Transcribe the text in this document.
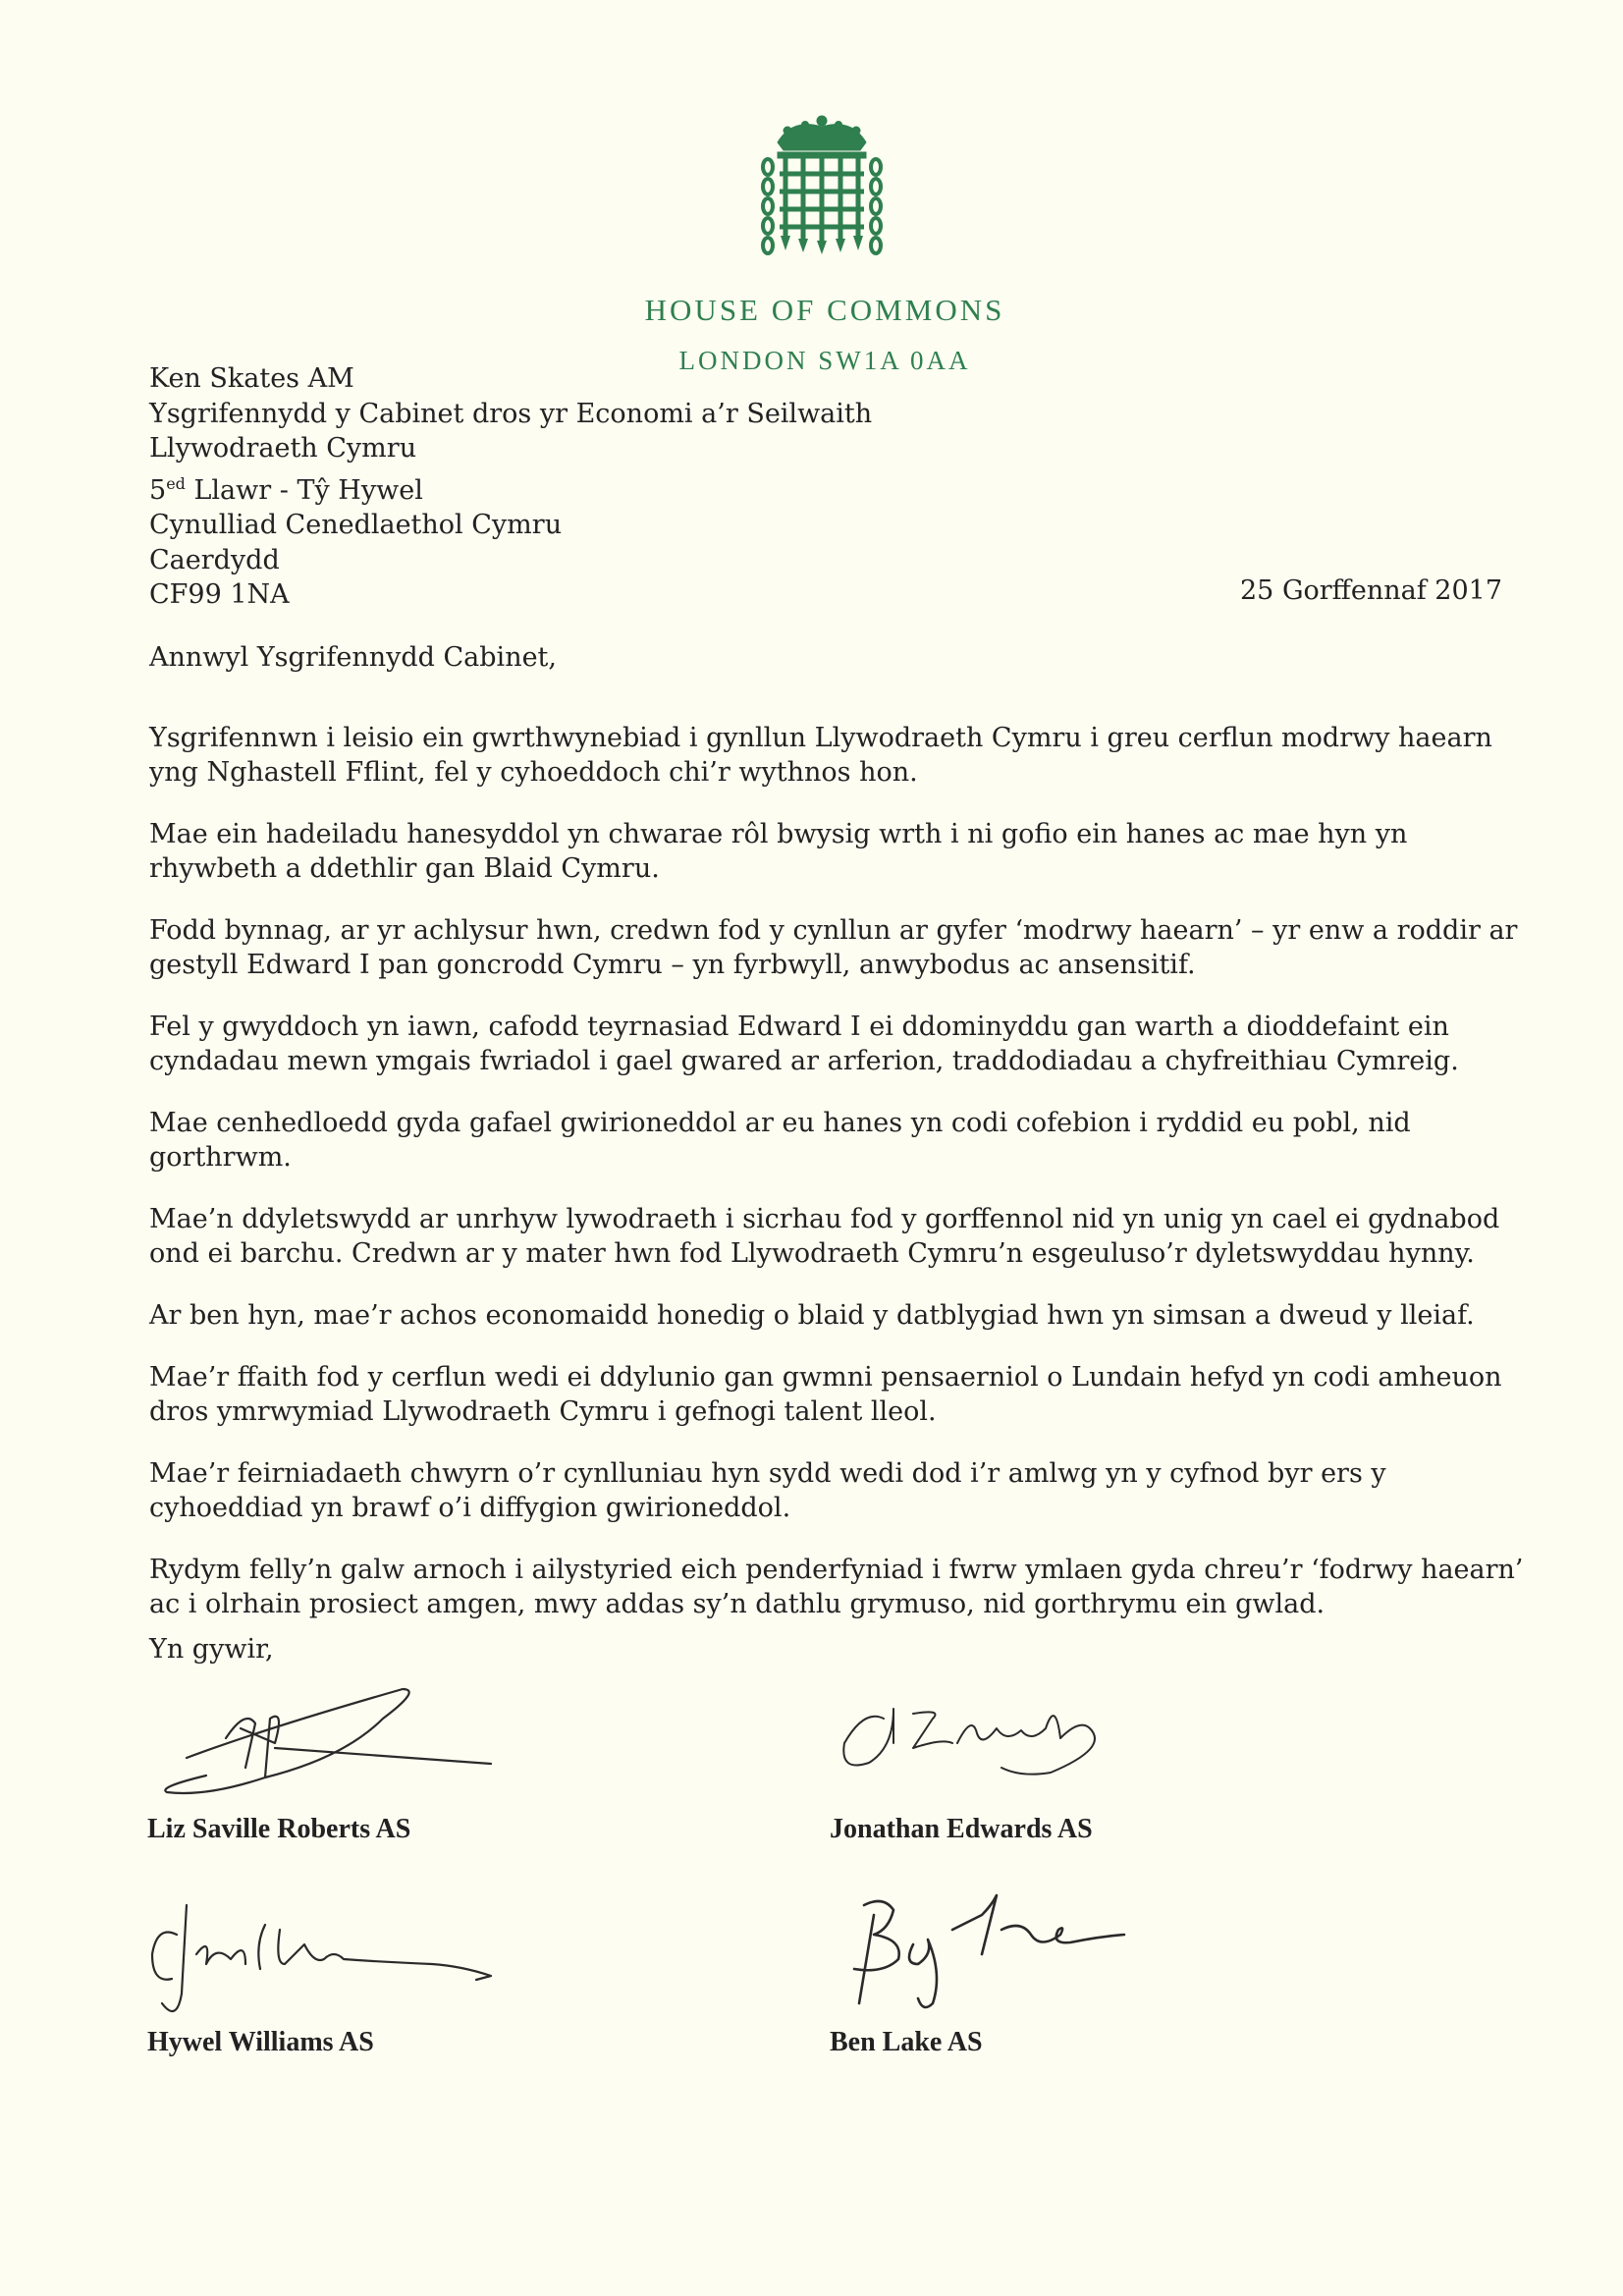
HOUSE OF COMMONS
LONDON SW1A 0AA
Ken Skates AM
Ysgrifennydd y Cabinet dros yr Economi a’r Seilwaith
Llywodraeth Cymru
$5^{ed}$ Llawr - Tŷ Hywel
Cynulliad Cenedlaethol Cymru
Caerdydd
CF99 1NA	25 Gorffennaf 2017
Annwyl Ysgrifennydd Cabinet,

Ysgrifennwn i leisio ein gwrthwynebiad i gynllun Llywodraeth Cymru i greu cerflun modrwy haearn yng Nghastell Fflint, fel y cyhoeddoch chi’r wythnos hon.

Mae ein hadeiladu hanesyddol yn chwarae rôl bwysig wrth i ni gofio ein hanes ac mae hyn yn rhywbeth a ddethlir gan Blaid Cymru.

Fodd bynnag, ar yr achlysur hwn, credwn fod y cynllun ar gyfer ‘modrwy haearn’ – yr enw a roddir ar gestyll Edward I pan goncrodd Cymru – yn fyrbwyll, anwybodus ac ansensitif.

Fel y gwyddoch yn iawn, cafodd teyrnasiad Edward I ei ddominyddu gan warth a dioddefaint ein cyndadau mewn ymgais fwriadol i gael gwared ar arferion, traddodiadau a chyfreithiau Cymreig.

Mae cenhedloedd gyda gafael gwirioneddol ar eu hanes yn codi cofebion i ryddid eu pobl, nid gorthrwm.

Mae’n ddyletswydd ar unrhyw lywodraeth i sicrhau fod y gorffennol nid yn unig yn cael ei gydnabod ond ei barchu. Credwn ar y mater hwn fod Llywodraeth Cymru’n esgeuluso’r dyletswyddau hynny.

Ar ben hyn, mae’r achos economaidd honedig o blaid y datblygiad hwn yn simsan a dweud y lleiaf.

Mae’r ffaith fod y cerflun wedi ei ddylunio gan gwmni pensaerniol o Lundain hefyd yn codi amheuon dros ymrwymiad Llywodraeth Cymru i gefnogi talent lleol.

Mae’r feirniadaeth chwyrn o’r cynlluniau hyn sydd wedi dod i’r amlwg yn y cyfnod byr ers y cyhoeddiad yn brawf o’i diffygion gwirioneddol.

Rydym felly’n galw arnoch i ailystyried eich penderfyniad i fwrw ymlaen gyda chreu’r ‘fodrwy haearn’ ac i olrhain prosiect amgen, mwy addas sy’n dathlu grymuso, nid gorthrymu ein gwlad.

Yn gywir,
Liz Saville Roberts AS	Jonathan Edwards AS
Hywel Williams AS	Ben Lake AS
